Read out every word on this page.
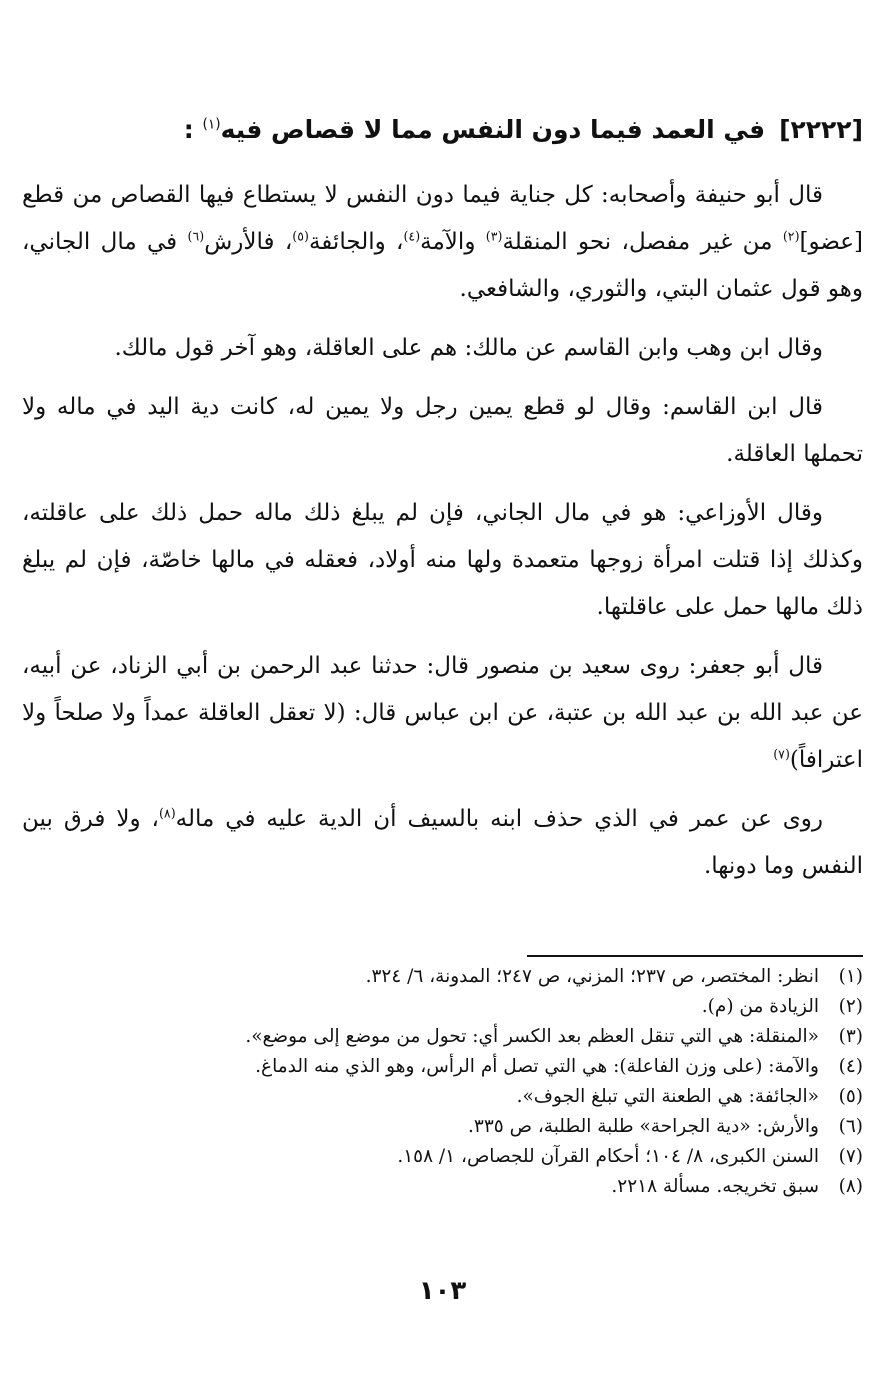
[٢٢٢٢]في العمد فيما دون النفس مما لا قصاص فيه$^{(١)}$ :

قال أبو حنيفة وأصحابه: كل جناية فيما دون النفس لا يستطاع فيها القصاص من قطع [عضو]$^{(٢)}$ من غير مفصل، نحو المنقلة$^{(٣)}$ والآمة$^{(٤)}$، والجائفة$^{(٥)}$، فالأرش$^{(٦)}$ في مال الجاني، وهو قول عثمان البتي، والثوري، والشافعي.

وقال ابن وهب وابن القاسم عن مالك: هم على العاقلة، وهو آخر قول مالك.

قال ابن القاسم: وقال لو قطع يمين رجل ولا يمين له، كانت دية اليد في ماله ولا تحملها العاقلة.

وقال الأوزاعي: هو في مال الجاني، فإن لم يبلغ ذلك ماله حمل ذلك على عاقلته، وكذلك إذا قتلت امرأة زوجها متعمدة ولها منه أولاد، فعقله في مالها خاصّة، فإن لم يبلغ ذلك مالها حمل على عاقلتها.

قال أبو جعفر: روى سعيد بن منصور قال: حدثنا عبد الرحمن بن أبي الزناد، عن أبيه، عن عبد الله بن عبد الله بن عتبة، عن ابن عباس قال: (لا تعقل العاقلة عمداً ولا صلحاً ولا اعترافاً)$^{(٧)}$

روى عن عمر في الذي حذف ابنه بالسيف أن الدية عليه في ماله$^{(٨)}$، ولا فرق بين النفس وما دونها.

(١)
انظر: المختصر، ص ٢٣٧؛ المزني، ص ٢٤٧؛ المدونة، ٦/ ٣٢٤.
(٢)
الزيادة من (م).
(٣)
«المنقلة: هي التي تنقل العظم بعد الكسر أي: تحول من موضع إلى موضع».
(٤)
والآمة: (على وزن الفاعلة): هي التي تصل أم الرأس، وهو الذي منه الدماغ.
(٥)
«الجائفة: هي الطعنة التي تبلغ الجوف».
(٦)
والأرش: «دية الجراحة» طلبة الطلبة، ص ٣٣٥.
(٧)
السنن الكبرى، ٨/ ١٠٤؛ أحكام القرآن للجصاص، ١/ ١٥٨.
(٨)
سبق تخريجه. مسألة ٢٢١٨.
١٠٣
